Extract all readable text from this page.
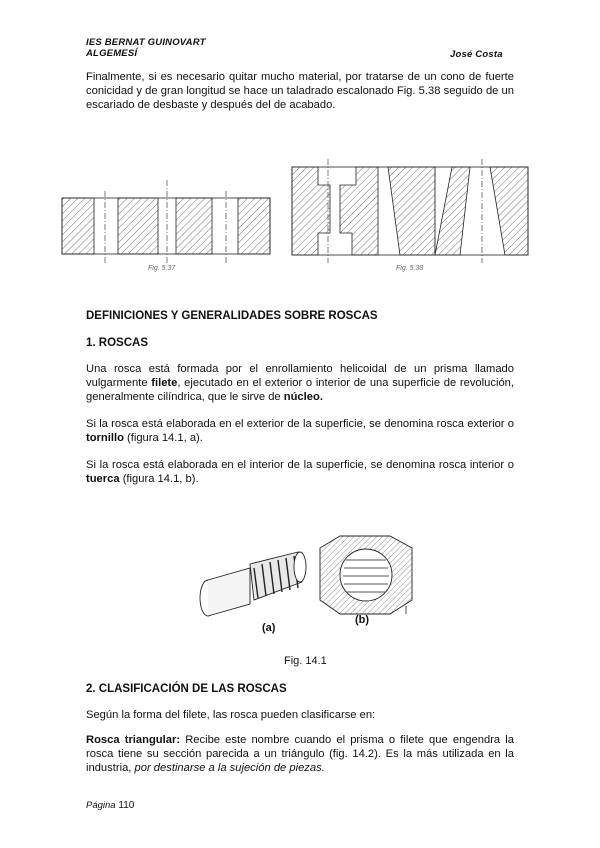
IES BERNAT GUINOVART
ALGEMESÍ	José Costa
Finalmente, si es necesario quitar mucho material, por tratarse de un cono de fuerte conicidad y de gran longitud se hace un taladrado escalonado Fig. 5.38 seguido de un escariado de desbaste y después del de acabado.
Fig. 5.37	Fig. 5.38
DEFINICIONES Y GENERALIDADES SOBRE ROSCAS
1. ROSCAS
Una rosca está formada por el enrollamiento helicoidal de un prisma llamado vulgarmente filete, ejecutado en el exterior o interior de una superficie de revolución, generalmente cilíndrica, que le sirve de núcleo.
Si la rosca está elaborada en el exterior de la superficie, se denomina rosca exterior o tornillo (figura 14.1, a).
Si la rosca está elaborada en el interior de la superficie, se denomina rosca interior o tuerca (figura 14.1, b).
(a)
(b)
Fig. 14.1
2. CLASIFICACIÓN DE LAS ROSCAS
Según la forma del filete, las rosca pueden clasificarse en:
Rosca triangular: Recibe este nombre cuando el prisma o filete que engendra la rosca tiene su sección parecida a un triángulo (fig. 14.2). Es la más utilizada en la industria, por destinarse a la sujeción de piezas.
Página 110
